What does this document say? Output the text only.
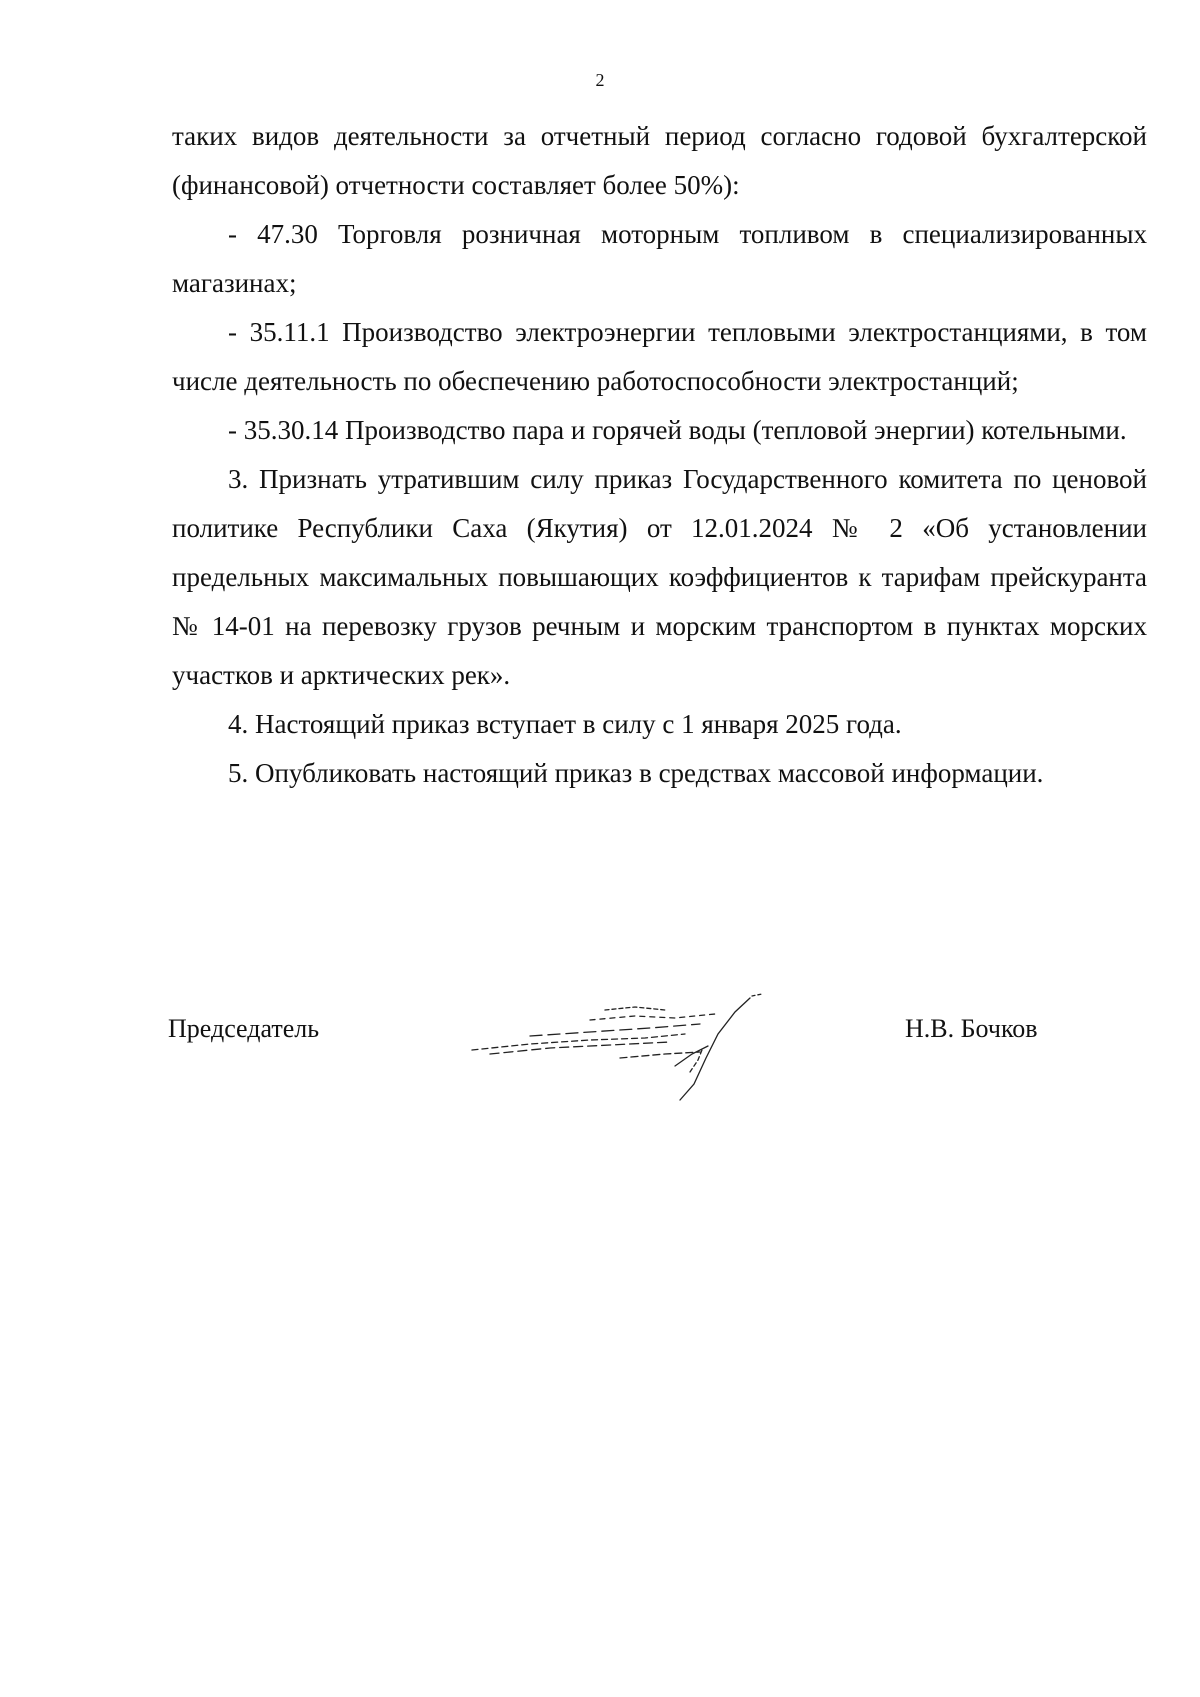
2

таких видов деятельности за отчетный период согласно годовой бухгалтерской (финансовой) отчетности составляет более 50%):

- 47.30 Торговля розничная моторным топливом в специализированных магазинах;

- 35.11.1 Производство электроэнергии тепловыми электростанциями, в том числе деятельность по обеспечению работоспособности электростанций;

- 35.30.14 Производство пара и горячей воды (тепловой энергии) котельными.

3. Признать утратившим силу приказ Государственного комитета по ценовой политике Республики Саха (Якутия) от 12.01.2024 № 2 «Об установлении предельных максимальных повышающих коэффициентов к тарифам прейскуранта № 14-01 на перевозку грузов речным и морским транспортом в пунктах морских участков и арктических рек».

4. Настоящий приказ вступает в силу с 1 января 2025 года.

5. Опубликовать настоящий приказ в средствах массовой информации.

Председатель	Н.В. Бочков
